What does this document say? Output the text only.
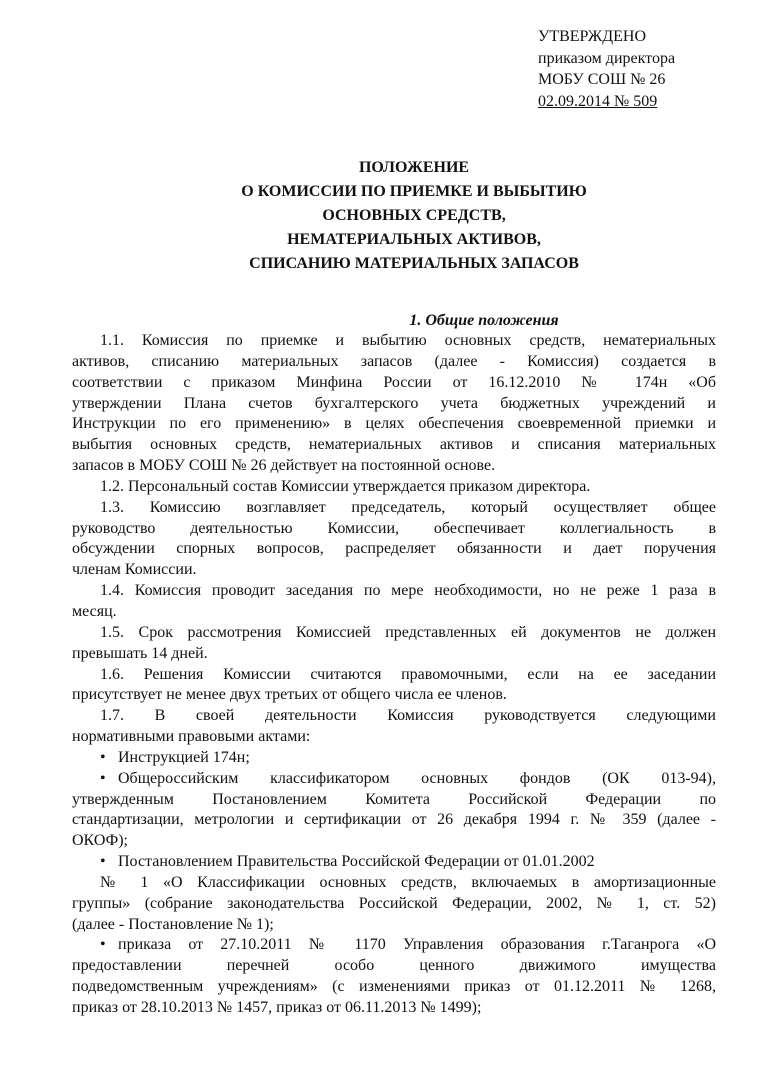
УТВЕРЖДЕНО
приказом директора
МОБУ СОШ № 26
02.09.2014 № 509
ПОЛОЖЕНИЕ
О КОМИССИИ ПО ПРИЕМКЕ И ВЫБЫТИЮ
ОСНОВНЫХ СРЕДСТВ,
НЕМАТЕРИАЛЬНЫХ АКТИВОВ,
СПИСАНИЮ МАТЕРИАЛЬНЫХ ЗАПАСОВ
1. Общие положения
1.1. Комиссия по приемке и выбытию основных средств, нематериальных
активов, списанию материальных запасов (далее - Комиссия) создается в
соответствии с приказом Минфина России от 16.12.2010 № 174н «Об
утверждении Плана счетов бухгалтерского учета бюджетных учреждений и
Инструкции по его применению» в целях обеспечения своевременной приемки и
выбытия основных средств, нематериальных активов и списания материальных
запасов в МОБУ СОШ № 26 действует на постоянной основе.
1.2. Персональный состав Комиссии утверждается приказом директора.
1.3. Комиссию возглавляет председатель, который осуществляет общее
руководство деятельностью Комиссии, обеспечивает коллегиальность в
обсуждении спорных вопросов, распределяет обязанности и дает поручения
членам Комиссии.
1.4. Комиссия проводит заседания по мере необходимости, но не реже 1 раза в
месяц.
1.5. Срок рассмотрения Комиссией представленных ей документов не должен
превышать 14 дней.
1.6. Решения Комиссии считаются правомочными, если на ее заседании
присутствует не менее двух третьих от общего числа ее членов.
1.7. В своей деятельности Комиссия руководствуется следующими
нормативными правовыми актами:
• Инструкцией 174н;
• Общероссийским классификатором основных фондов (ОК 013-94),
утвержденным Постановлением Комитета Российской Федерации по
стандартизации, метрологии и сертификации от 26 декабря 1994 г. № 359 (далее -
ОКОФ);
• Постановлением Правительства Российской Федерации от 01.01.2002
№ 1 «О Классификации основных средств, включаемых в амортизационные
группы» (собрание законодательства Российской Федерации, 2002, № 1, ст. 52)
(далее - Постановление № 1);
• приказа от 27.10.2011 № 1170 Управления образования г.Таганрога «О
предоставлении перечней особо ценного движимого имущества
подведомственным учреждениям» (с изменениями приказ от 01.12.2011 № 1268,
приказ от 28.10.2013 № 1457, приказ от 06.11.2013 № 1499);
